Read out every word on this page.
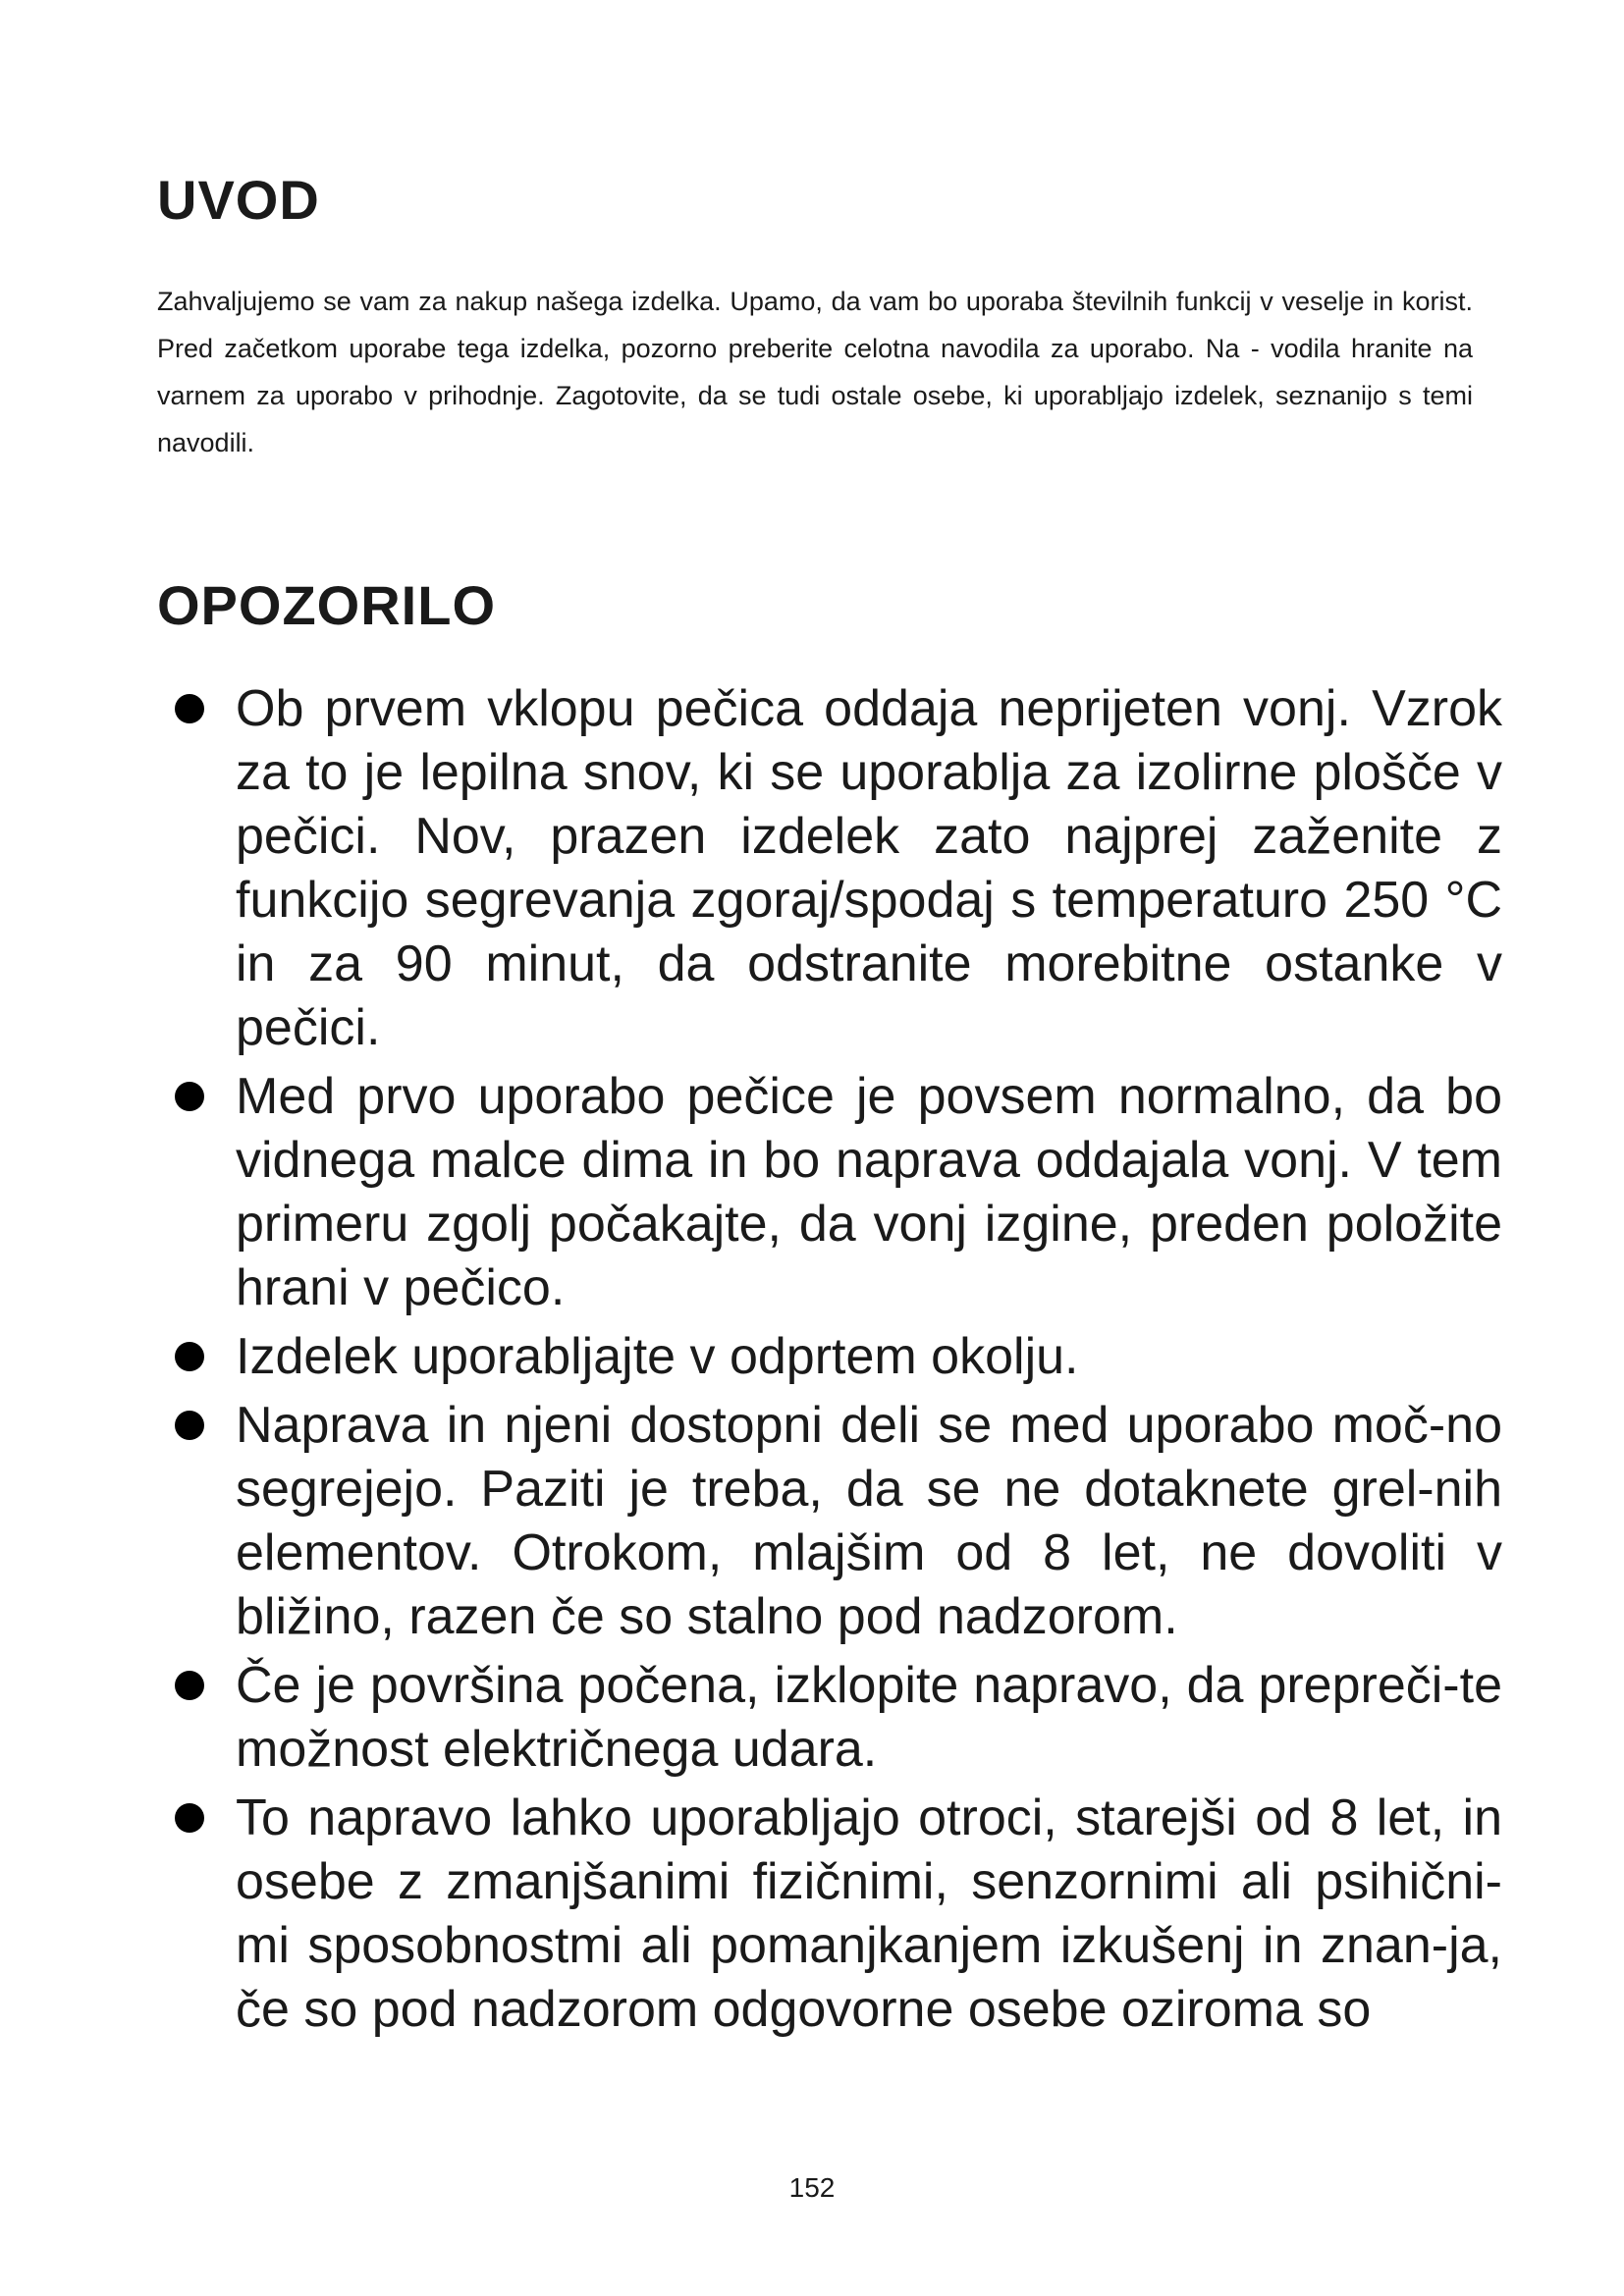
UVOD

Zahvaljujemo se vam za nakup našega izdelka. Upamo, da vam bo uporaba številnih funkcij v veselje in korist. Pred začetkom uporabe tega izdelka, pozorno preberite celotna navodila za uporabo. Na - vodila hranite na varnem za uporabo v prihodnje. Zagotovite, da se tudi ostale osebe, ki uporabljajo izdelek, seznanijo s temi navodili.

OPOZORILO
Ob prvem vklopu pečica oddaja neprijeten vonj. Vzrok za to je lepilna snov, ki se uporablja za izolirne plošče v pečici. Nov, prazen izdelek zato najprej zaženite z funkcijo segrevanja zgoraj/spodaj s temperaturo 250 °C in za 90 minut, da odstranite morebitne ostanke v pečici.
Med prvo uporabo pečice je povsem normalno, da bo vidnega malce dima in bo naprava oddajala vonj. V tem primeru zgolj počakajte, da vonj izgine, preden položite hrani v pečico.
Izdelek uporabljajte v odprtem okolju.
Naprava in njeni dostopni deli se med uporabo moč-no segrejejo. Paziti je treba, da se ne dotaknete grel-nih elementov. Otrokom, mlajšim od 8 let, ne dovoliti v bližino, razen če so stalno pod nadzorom.
Če je površina počena, izklopite napravo, da prepreči-te možnost električnega udara.
To napravo lahko uporabljajo otroci, starejši od 8 let, in osebe z zmanjšanimi fizičnimi, senzornimi ali psihični-mi sposobnostmi ali pomanjkanjem izkušenj in znan-ja, če so pod nadzorom odgovorne osebe oziroma so
152
